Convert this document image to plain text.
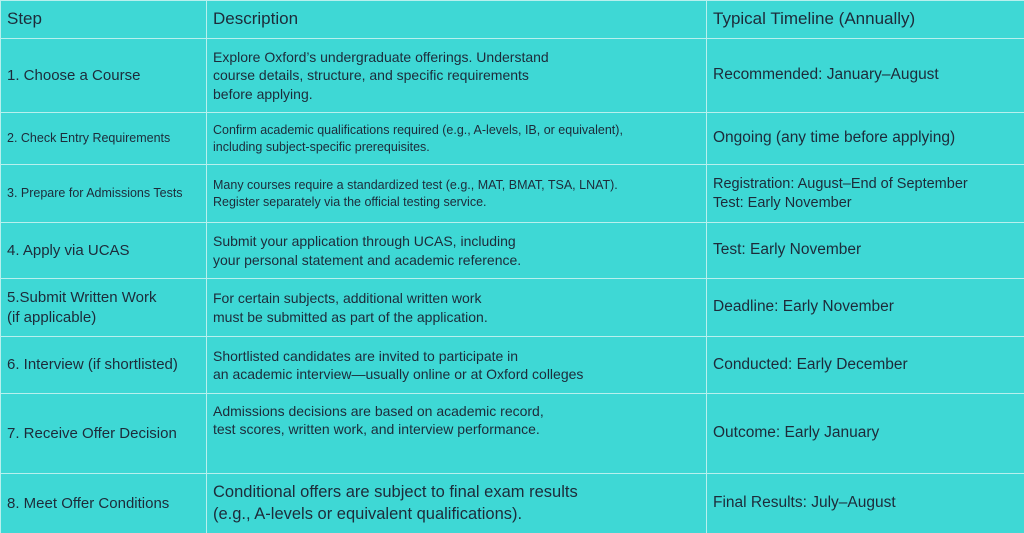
Step	Description	Typical Timeline (Annually)

1. Choose a Course	Explore Oxford’s undergraduate offerings. Understand
course details, structure, and specific requirements
before applying.	Recommended: January–August

2. Check Entry Requirements	Confirm academic qualifications required (e.g., A-levels, IB, or equivalent),
including subject-specific prerequisites.	Ongoing (any time before applying)

3. Prepare for Admissions Tests	Many courses require a standardized test (e.g., MAT, BMAT, TSA, LNAT).
Register separately via the official testing service.	Registration: August–End of September
Test: Early November

4. Apply via UCAS	Submit your application through UCAS, including
your personal statement and academic reference.	Test: Early November

5.Submit Written Work
(if applicable)	For certain subjects, additional written work
must be submitted as part of the application.	Deadline: Early November

6. Interview (if shortlisted)	Shortlisted candidates are invited to participate in
an academic interview—usually online or at Oxford colleges	Conducted: Early December

7. Receive Offer Decision	Admissions decisions are based on academic record,
test scores, written work, and interview performance.	Outcome: Early January

8. Meet Offer Conditions	Conditional offers are subject to final exam results
(e.g., A-levels or equivalent qualifications).	Final Results: July–August
